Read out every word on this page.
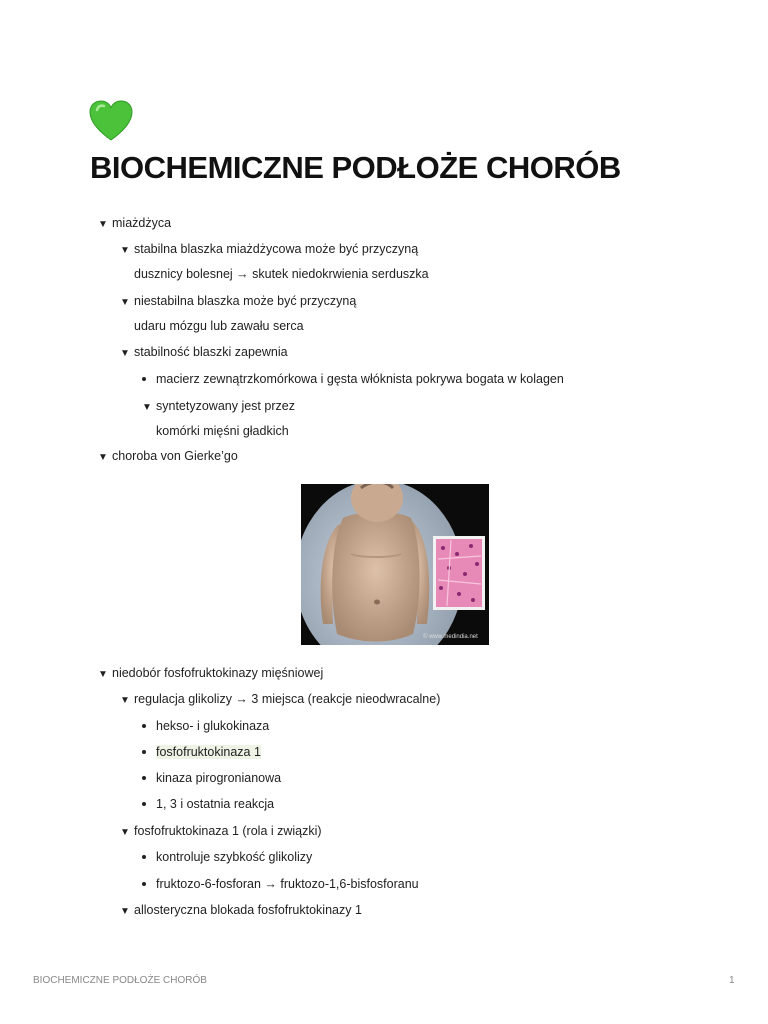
BIOCHEMICZNE PODŁOŻE CHORÓB
▼ miażdżyca
▼ stabilna blaszka miażdżycowa może być przyczyną
dusznicy bolesnej → skutek niedokrwienia serduszka
▼ niestabilna blaszka może być przyczyną
udaru mózgu lub zawału serca
▼ stabilność blaszki zapewnia
macierz zewnątrzkomórkowa i gęsta włóknista pokrywa bogata w kolagen
▼ syntetyzowany jest przez
komórki mięśni gładkich
▼ choroba von Gierke’go
© www.medindia.net
▼ niedobór fosfofruktokinazy mięśniowej
▼ regulacja glikolizy → 3 miejsca (reakcje nieodwracalne)
hekso- i glukokinaza
fosfofruktokinaza 1
kinaza pirogronianowa
1, 3 i ostatnia reakcja
▼ fosfofruktokinaza 1 (rola i związki)
kontroluje szybkość glikolizy
fruktozo-6-fosforan → fruktozo-1,6-bisfosforanu
▼ allosteryczna blokada fosfofruktokinazy 1
BIOCHEMICZNE PODŁOŻE CHORÓB	1
